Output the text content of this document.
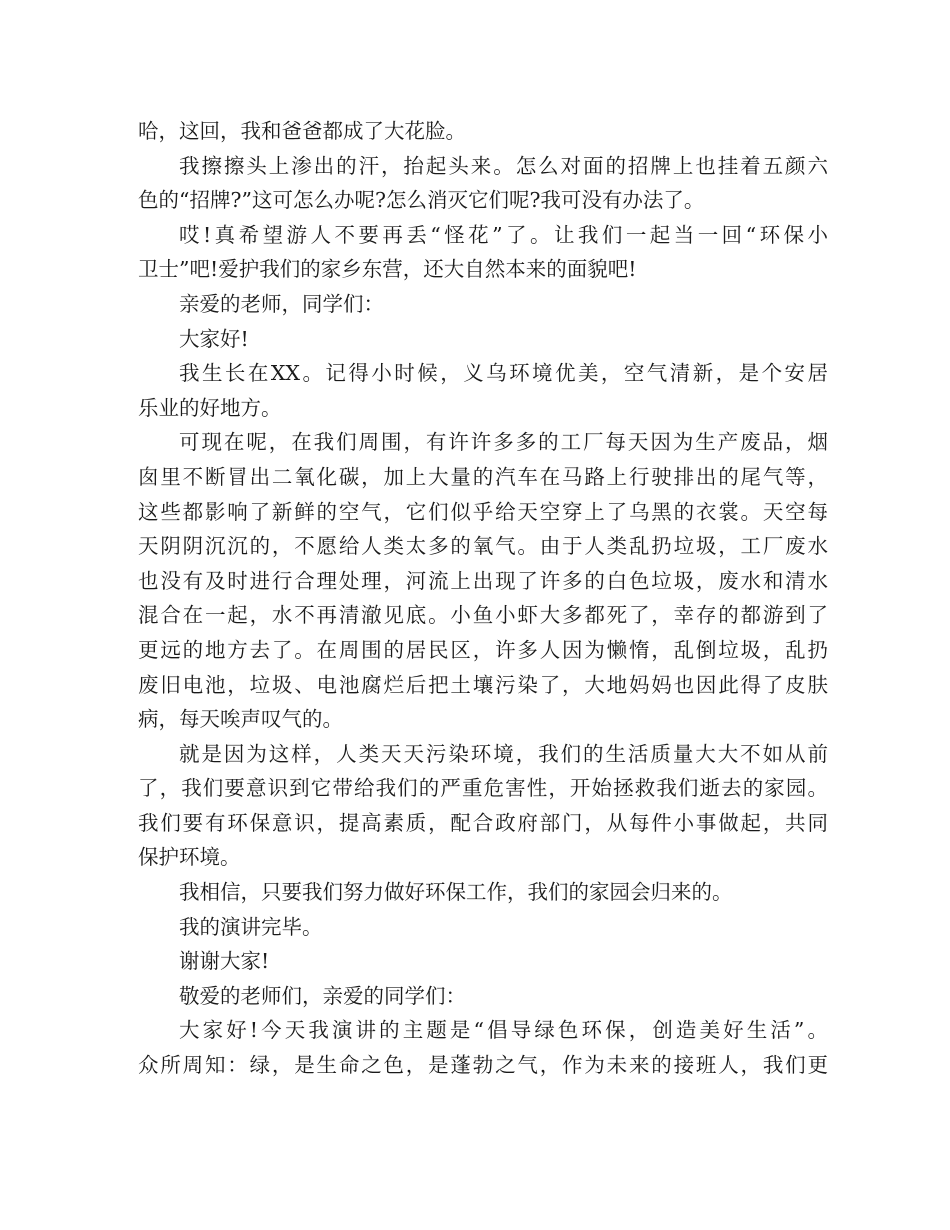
哈，这回，我和爸爸都成了大花脸。
我擦擦头上渗出的汗，抬起头来。怎么对面的招牌上也挂着五颜六
色的“招牌?”这可怎么办呢?怎么消灭它们呢?我可没有办法了。
哎!真希望游人不要再丢“怪花”了。让我们一起当一回“环保小
卫士”吧!爱护我们的家乡东营，还大自然本来的面貌吧!
亲爱的老师，同学们：
大家好!
我生长在XX。记得小时候，义乌环境优美，空气清新，是个安居
乐业的好地方。
可现在呢，在我们周围，有许许多多的工厂每天因为生产废品，烟
囱里不断冒出二氧化碳，加上大量的汽车在马路上行驶排出的尾气等，
这些都影响了新鲜的空气，它们似乎给天空穿上了乌黑的衣裳。天空每
天阴阴沉沉的，不愿给人类太多的氧气。由于人类乱扔垃圾，工厂废水
也没有及时进行合理处理，河流上出现了许多的白色垃圾，废水和清水
混合在一起，水不再清澈见底。小鱼小虾大多都死了，幸存的都游到了
更远的地方去了。在周围的居民区，许多人因为懒惰，乱倒垃圾，乱扔
废旧电池，垃圾、电池腐烂后把土壤污染了，大地妈妈也因此得了皮肤
病，每天唉声叹气的。
就是因为这样，人类天天污染环境，我们的生活质量大大不如从前
了，我们要意识到它带给我们的严重危害性，开始拯救我们逝去的家园。
我们要有环保意识，提高素质，配合政府部门，从每件小事做起，共同
保护环境。
我相信，只要我们努力做好环保工作，我们的家园会归来的。
我的演讲完毕。
谢谢大家!
敬爱的老师们，亲爱的同学们：
大家好!今天我演讲的主题是“倡导绿色环保，创造美好生活”。
众所周知：绿，是生命之色，是蓬勃之气，作为未来的接班人，我们更
